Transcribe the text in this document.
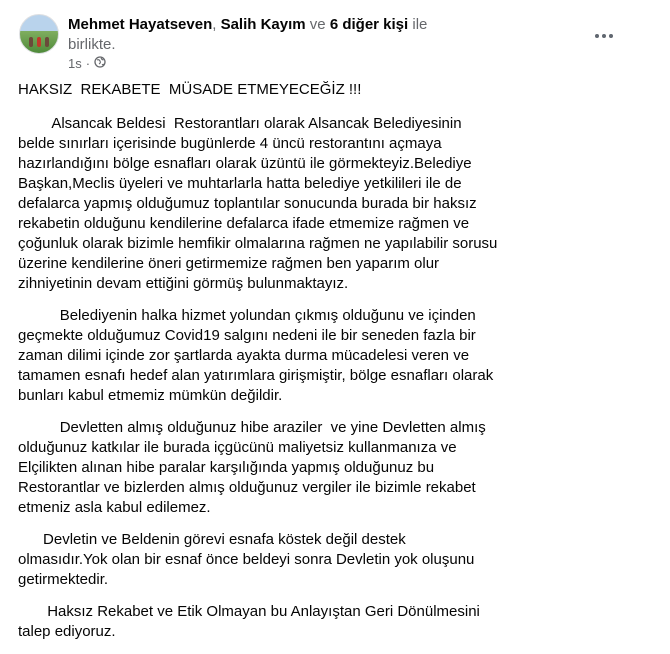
Mehmet Hayatseven, Salih Kayım ve 6 diğer kişi ile birlikte.
1s ·

HAKSIZ  REKABETE  MÜSADE ETMEYECEĞİZ !!!

Alsancak Beldesi  Restorantları olarak Alsancak Belediyesinin belde sınırları içerisinde bugünlerde 4 üncü restorantını açmaya hazırlandığını bölge esnafları olarak üzüntü ile görmekteyiz.Belediye Başkan,Meclis üyeleri ve muhtarlarla hatta belediye yetkilileri ile de defalarca yapmış olduğumuz toplantılar sonucunda burada bir haksız rekabetin olduğunu kendilerine defalarca ifade etmemize rağmen ve çoğunluk olarak bizimle hemfikir olmalarına rağmen ne yapılabilir sorusu üzerine kendilerine öneri getirmemize rağmen ben yaparım olur zihniyetinin devam ettiğini görmüş bulunmaktayız.

Belediyenin halka hizmet yolundan çıkmış olduğunu ve içinden geçmekte olduğumuz Covid19 salgını nedeni ile bir seneden fazla bir zaman dilimi içinde zor şartlarda ayakta durma mücadelesi veren ve tamamen esnafı hedef alan yatırımlara girişmiştir, bölge esnafları olarak bunları kabul etmemiz mümkün değildir.

Devletten almış olduğunuz hibe araziler  ve yine Devletten almış olduğunuz katkılar ile burada içgücünü maliyetsiz kullanmanıza ve Elçilikten alınan hibe paralar karşılığında yapmış olduğunuz bu Restorantlar ve bizlerden almış olduğunuz vergiler ile bizimle rekabet etmeniz asla kabul edilemez.

Devletin ve Beldenin görevi esnafa köstek değil destek olmasıdır.Yok olan bir esnaf önce beldeyi sonra Devletin yok oluşunu getirmektedir.

Haksız Rekabet ve Etik Olmayan bu Anlayıştan Geri Dönülmesini talep ediyoruz.
